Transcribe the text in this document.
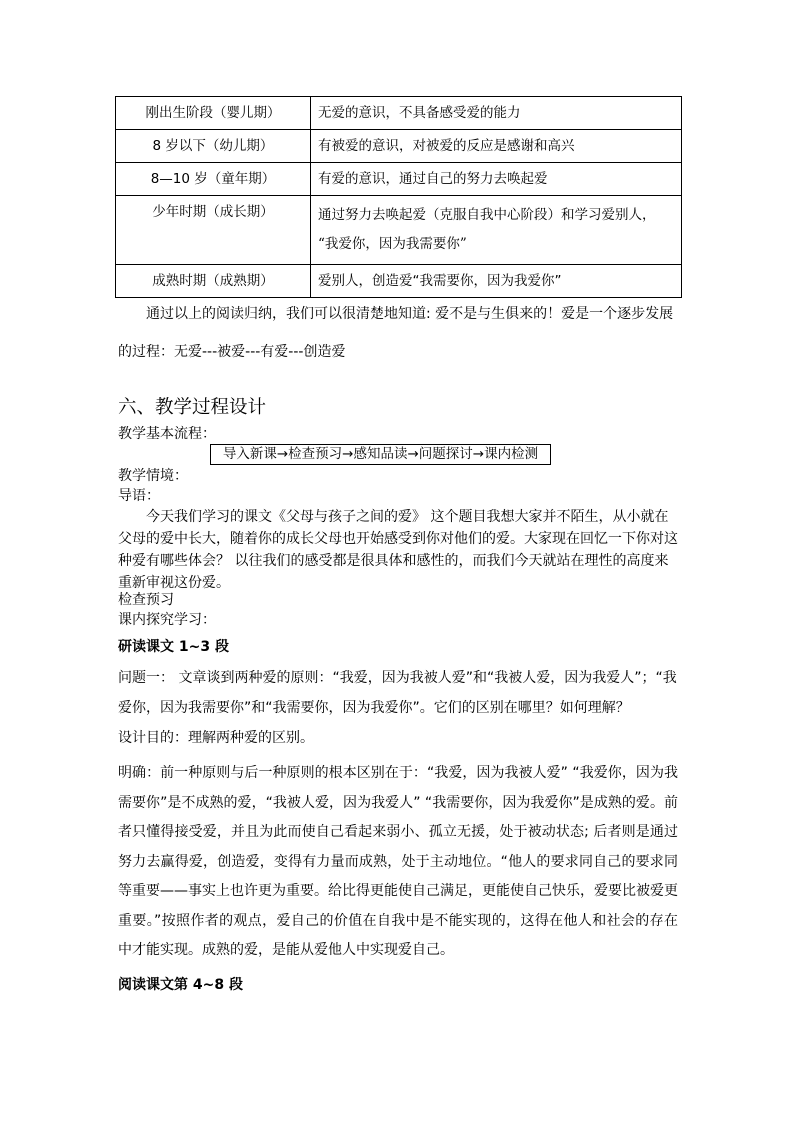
刚出生阶段（婴儿期）	无爱的意识，不具备感受爱的能力
8 岁以下（幼儿期）	有被爱的意识，对被爱的反应是感谢和高兴
8—10 岁（童年期）	有爱的意识，通过自己的努力去唤起爱
少年时期（成长期）	通过努力去唤起爱（克服自我中心阶段）和学习爱别人，
“我爱你，因为我需要你”

成熟时期（成熟期）	爱别人，创造爱“我需要你，因为我爱你”
通过以上的阅读归纳，我们可以很清楚地知道: 爱不是与生俱来的！爱是一个逐步发展的过程：无爱---被爱---有爱---创造爱
六、教学过程设计
教学基本流程：
导入新课→检查预习→感知品读→问题探讨→课内检测
教学情境：
导语：
今天我们学习的课文《父母与孩子之间的爱》 这个题目我想大家并不陌生，从小就在父母的爱中长大，随着你的成长父母也开始感受到你对他们的爱。大家现在回忆一下你对这种爱有哪些体会？ 以往我们的感受都是很具体和感性的，而我们今天就站在理性的高度来重新审视这份爱。
检查预习
课内探究学习：
研读课文 1~3 段
问题一： 文章谈到两种爱的原则：“我爱，因为我被人爱”和“我被人爱，因为我爱人”；“我爱你，因为我需要你”和“我需要你，因为我爱你”。它们的区别在哪里？如何理解？
设计目的：理解两种爱的区别。
明确：前一种原则与后一种原则的根本区别在于：“我爱，因为我被人爱” “我爱你，因为我需要你”是不成熟的爱，“我被人爱，因为我爱人” “我需要你，因为我爱你”是成熟的爱。前者只懂得接受爱，并且为此而使自己看起来弱小、孤立无援，处于被动状态; 后者则是通过努力去赢得爱，创造爱，变得有力量而成熟，处于主动地位。“他人的要求同自己的要求同等重要——事实上也许更为重要。给比得更能使自己满足，更能使自己快乐，爱要比被爱更重要。”按照作者的观点，爱自己的价值在自我中是不能实现的，这得在他人和社会的存在中才能实现。成熟的爱，是能从爱他人中实现爱自己。
阅读课文第 4~8 段
